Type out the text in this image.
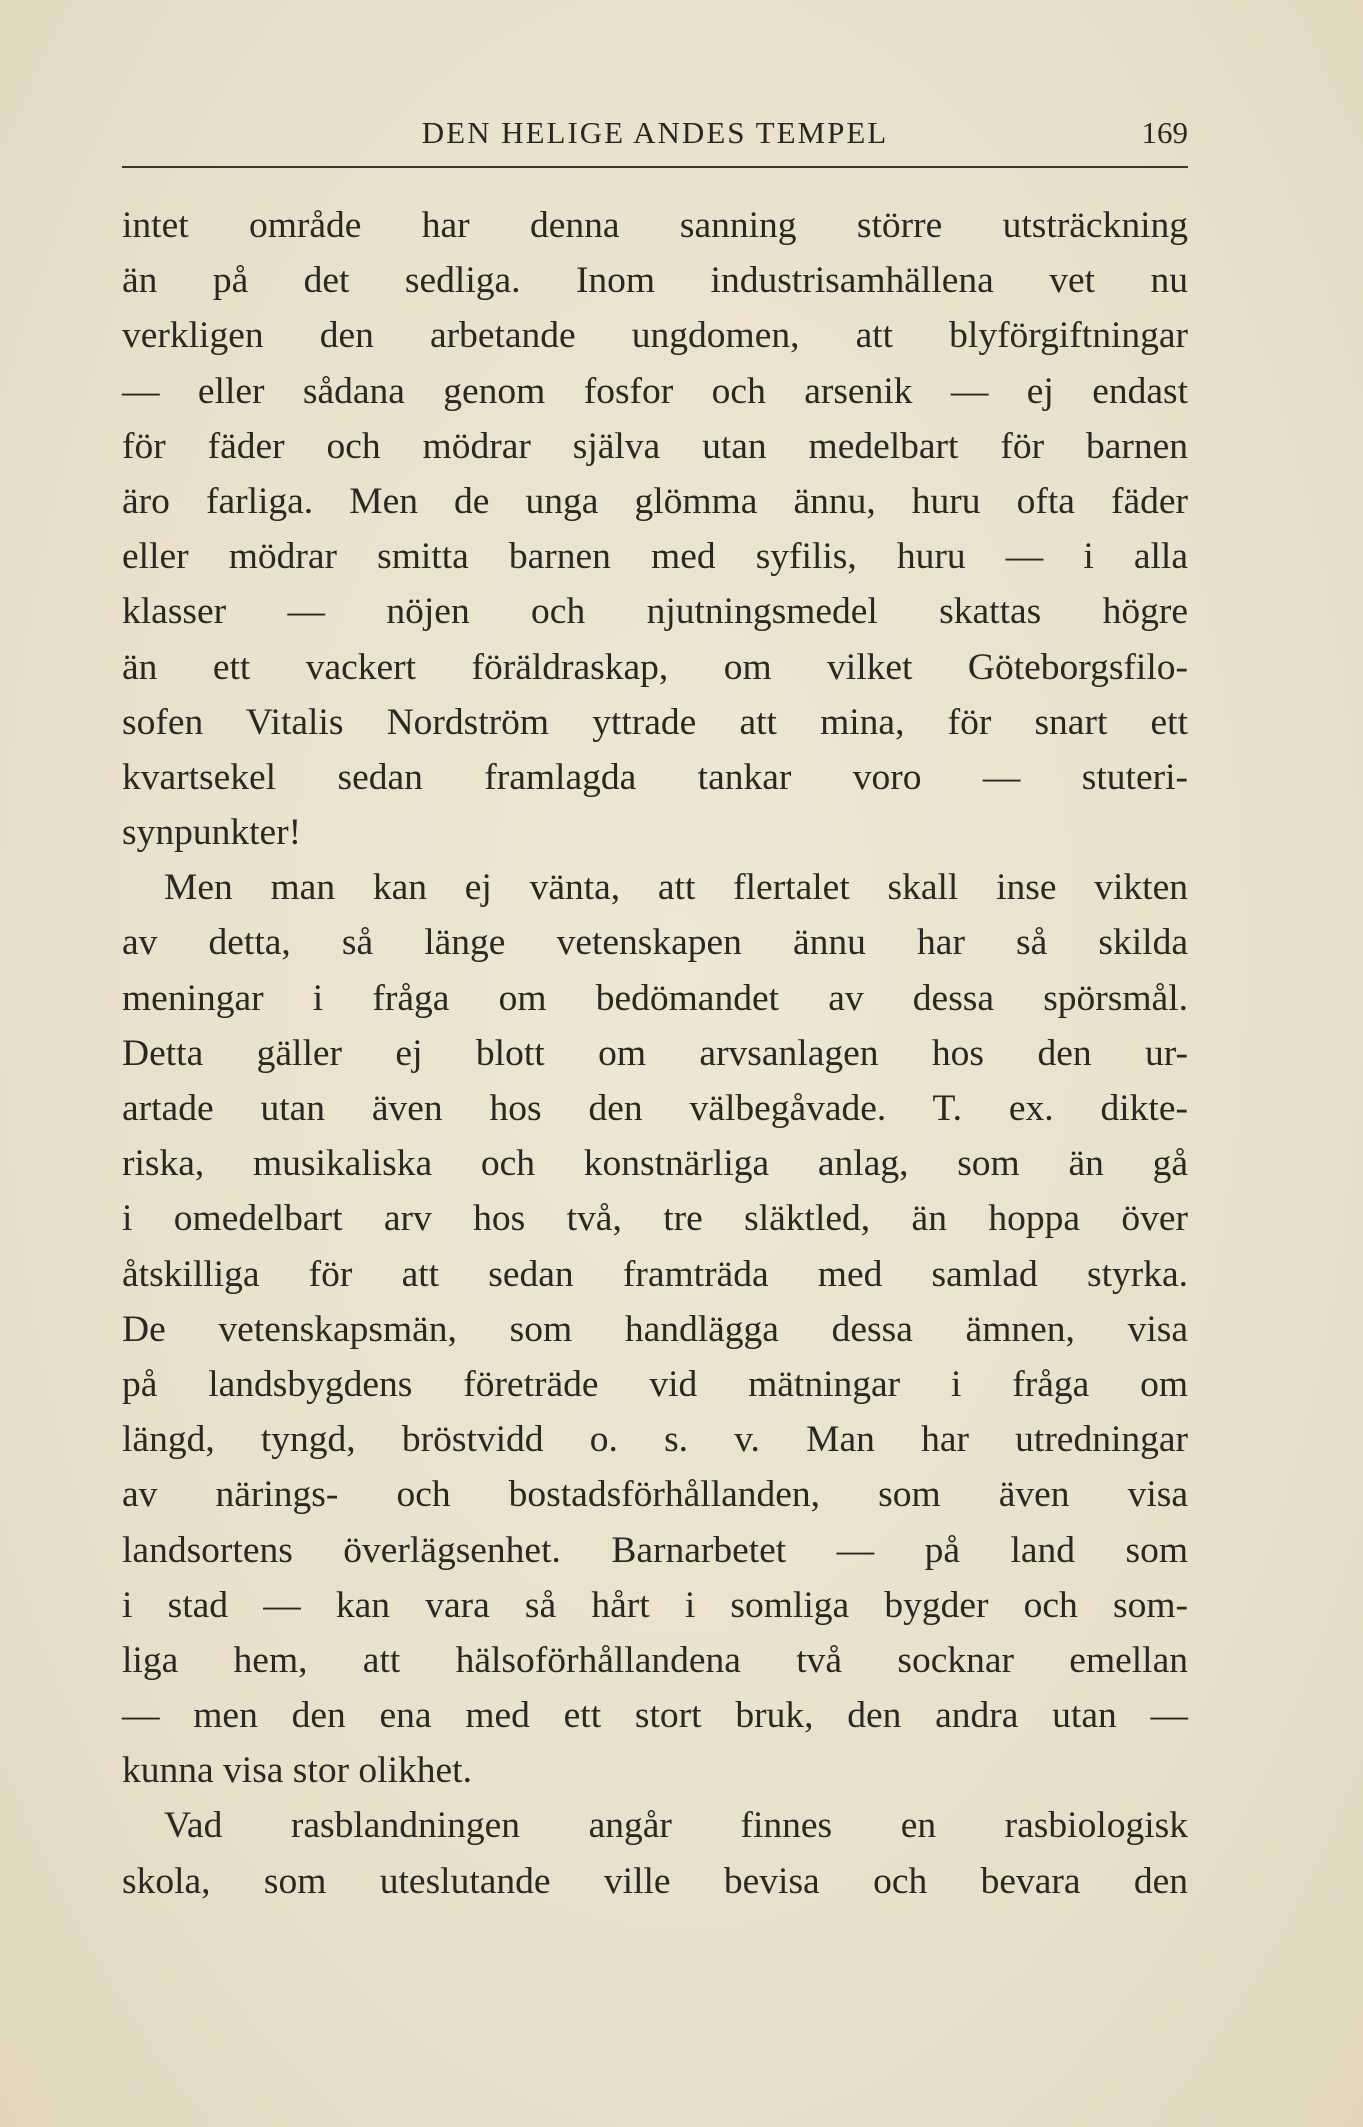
DEN HELIGE ANDES TEMPEL	169
intet område har denna sanning större utsträckning
än på det sedliga. Inom industrisamhällena vet nu
verkligen den arbetande ungdomen, att blyförgiftningar
— eller sådana genom fosfor och arsenik — ej endast
för fäder och mödrar själva utan medelbart för barnen
äro farliga. Men de unga glömma ännu, huru ofta fäder
eller mödrar smitta barnen med syfilis, huru — i alla
klasser — nöjen och njutningsmedel skattas högre
än ett vackert föräldraskap, om vilket Göteborgsfilo-
sofen Vitalis Nordström yttrade att mina, för snart ett
kvartsekel sedan framlagda tankar voro — stuteri-
synpunkter!
Men man kan ej vänta, att flertalet skall inse vikten
av detta, så länge vetenskapen ännu har så skilda
meningar i fråga om bedömandet av dessa spörsmål.
Detta gäller ej blott om arvsanlagen hos den ur-
artade utan även hos den välbegåvade. T. ex. dikte-
riska, musikaliska och konstnärliga anlag, som än gå
i omedelbart arv hos två, tre släktled, än hoppa över
åtskilliga för att sedan framträda med samlad styrka.
De vetenskapsmän, som handlägga dessa ämnen, visa
på landsbygdens företräde vid mätningar i fråga om
längd, tyngd, bröstvidd o. s. v. Man har utredningar
av närings- och bostadsförhållanden, som även visa
landsortens överlägsenhet. Barnarbetet — på land som
i stad — kan vara så hårt i somliga bygder och som-
liga hem, att hälsoförhållandena två socknar emellan
— men den ena med ett stort bruk, den andra utan —
kunna visa stor olikhet.
Vad rasblandningen angår finnes en rasbiologisk
skola, som uteslutande ville bevisa och bevara den
